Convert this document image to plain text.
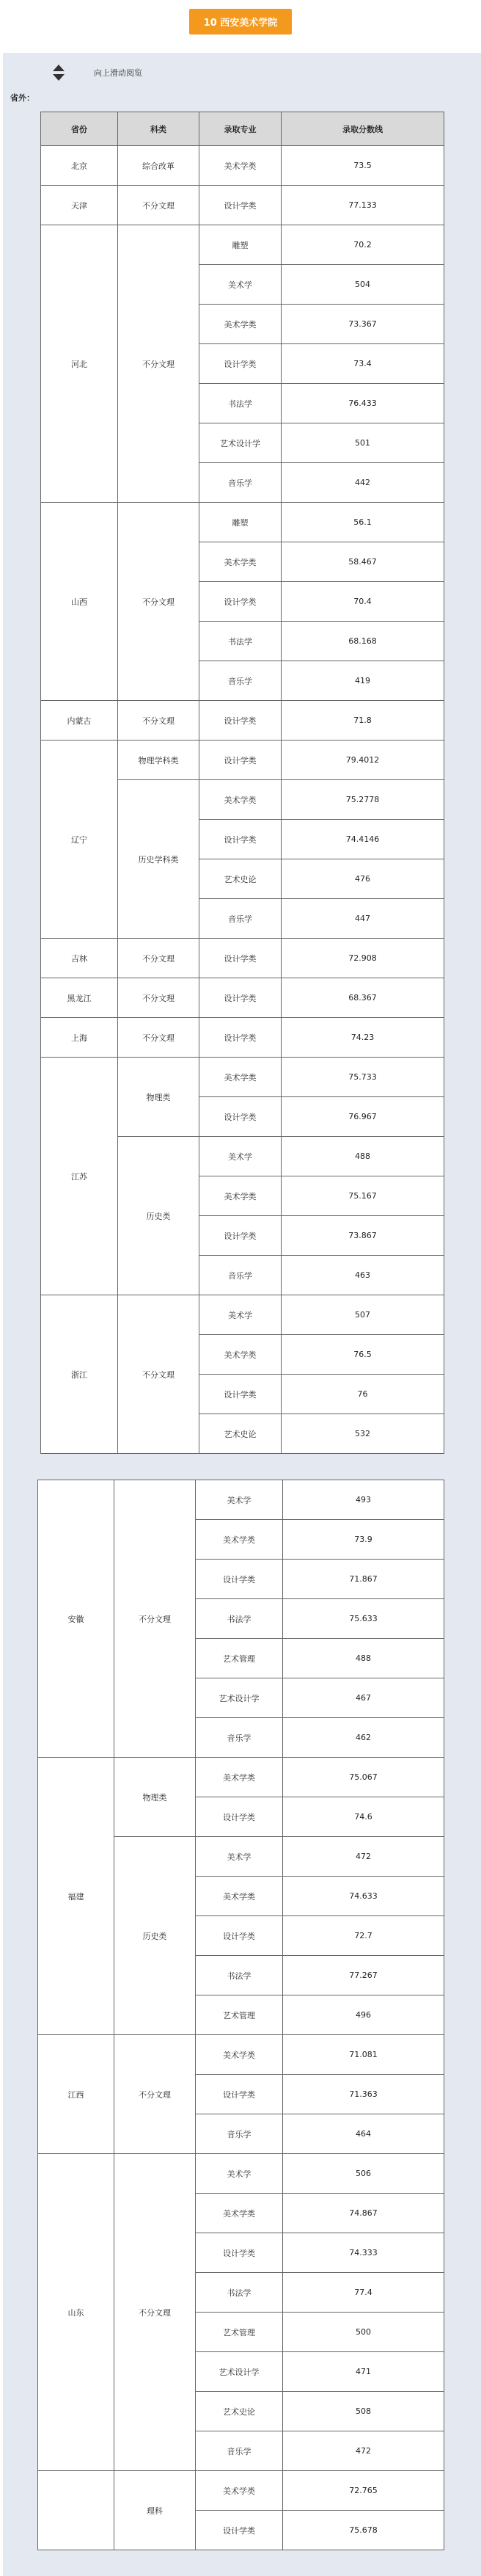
10 西安美术学院
向上滑动阅览
省外：
省份	科类	录取专业	录取分数线
北京	综合改革	美术学类	73.5
天津	不分文理	设计学类	77.133
河北	不分文理	雕塑	70.2
		美术学	504
		美术学类	73.367
		设计学类	73.4
		书法学	76.433
		艺术设计学	501
		音乐学	442
山西	不分文理	雕塑	56.1
		美术学类	58.467
		设计学类	70.4
		书法学	68.168
		音乐学	419
内蒙古	不分文理	设计学类	71.8
辽宁	物理学科类	设计学类	79.4012
	历史学科类	美术学类	75.2778
		设计学类	74.4146
		艺术史论	476
		音乐学	447
吉林	不分文理	设计学类	72.908
黑龙江	不分文理	设计学类	68.367
上海	不分文理	设计学类	74.23
江苏	物理类	美术学类	75.733
		设计学类	76.967
	历史类	美术学	488
		美术学类	75.167
		设计学类	73.867
		音乐学	463
浙江	不分文理	美术学	507
		美术学类	76.5
		设计学类	76
		艺术史论	532
安徽	不分文理	美术学	493
		美术学类	73.9
		设计学类	71.867
		书法学	75.633
		艺术管理	488
		艺术设计学	467
		音乐学	462
福建	物理类	美术学类	75.067
		设计学类	74.6
	历史类	美术学	472
		美术学类	74.633
		设计学类	72.7
		书法学	77.267
		艺术管理	496
江西	不分文理	美术学类	71.081
		设计学类	71.363
		音乐学	464
山东	不分文理	美术学	506
		美术学类	74.867
		设计学类	74.333
		书法学	77.4
		艺术管理	500
		艺术设计学	471
		艺术史论	508
		音乐学	472
	理科	美术学类	72.765
		设计学类	75.678
